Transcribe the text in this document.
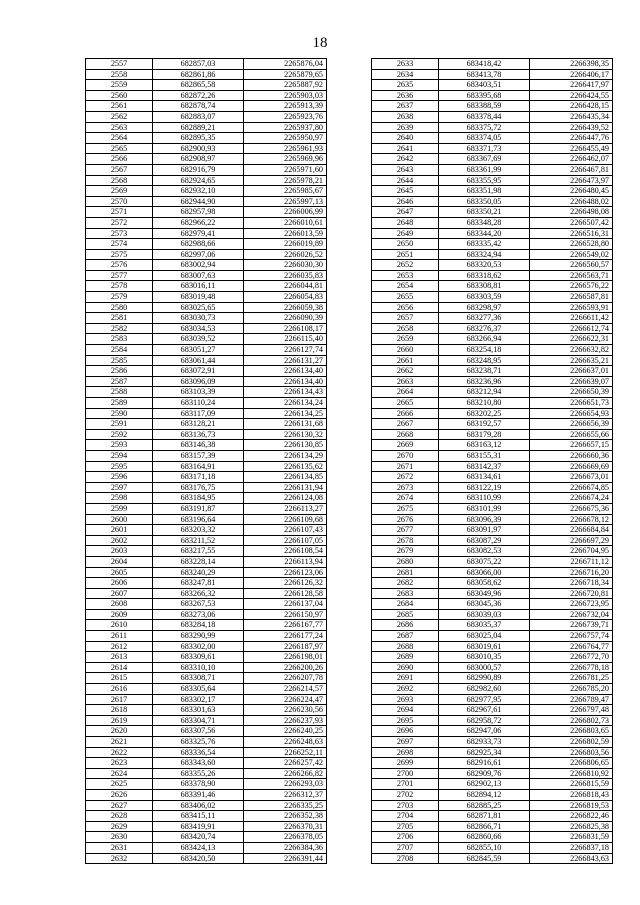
18
2557	682857,03	2265876,04
2558	682861,86	2265879,65
2559	682865,58	2265887,92
2560	682872,26	2265903,03
2561	682878,74	2265913,39
2562	682883,07	2265923,76
2563	682889,21	2265937,80
2564	682895,35	2265950,97
2565	682900,93	2265961,93
2566	682908,97	2265969,96
2567	682916,79	2265971,60
2568	682924,65	2265978,21
2569	682932,10	2265985,67
2570	682944,90	2265997,13
2571	682957,98	2266006,99
2572	682966,22	2266010,61
2573	682979,41	2266013,59
2574	682988,66	2266019,89
2575	682997,06	2266026,52
2576	683002,94	2266030,30
2577	683007,63	2266035,83
2578	683016,11	2266044,81
2579	683019,48	2266054,83
2580	683025,65	2266059,38
2581	683030,73	2266090,39
2582	683034,53	2266108,17
2583	683039,52	2266115,40
2584	683051,27	2266127,74
2585	683061,44	2266131,27
2586	683072,91	2266134,40
2587	683096,09	2266134,40
2588	683103,39	2266134,43
2589	683110,24	2266134,24
2590	683117,09	2266134,25
2591	683128,21	2266131,68
2592	683136,73	2266130,32
2593	683146,38	2266130,85
2594	683157,39	2266134,29
2595	683164,91	2266135,62
2596	683171,18	2266134,85
2597	683176,75	2266131,94
2598	683184,95	2266124,08
2599	683191,87	2266113,27
2600	683196,64	2266109,68
2601	683203,32	2266107,43
2602	683211,52	2266107,05
2603	683217,55	2266108,54
2604	683228,14	2266113,94
2605	683240,29	2266123,06
2606	683247,81	2266126,32
2607	683266,32	2266128,58
2608	683267,53	2266137,04
2609	683273,06	2266150,97
2610	683284,18	2266167,77
2611	683290,99	2266177,24
2612	683302,00	2266187,97
2613	683309,61	2266198,01
2614	683310,10	2266200,26
2615	683308,71	2266207,78
2616	683305,64	2266214,57
2617	683302,17	2266224,47
2618	683301,63	2266230,56
2619	683304,71	2266237,93
2620	683307,56	2266240,25
2621	683325,76	2266248,63
2622	683336,54	2266252,11
2623	683343,60	2266257,42
2624	683355,26	2266266,82
2625	683378,90	2266293,03
2626	683391,46	2266312,37
2627	683406,02	2266335,25
2628	683415,11	2266352,38
2629	683419,91	2266370,31
2630	683420,74	2266378,05
2631	683424,13	2266384,36
2632	683420,50	2266391,44
2633	683418,42	2266398,35
2634	683413,78	2266406,17
2635	683403,51	2266417,97
2636	683395,68	2266424,55
2637	683388,59	2266428,15
2638	683378,44	2266435,34
2639	683375,72	2266439,52
2640	683374,05	2266447,76
2641	683371,73	2266455,49
2642	683367,69	2266462,07
2643	683361,99	2266467,81
2644	683355,95	2266473,97
2645	683351,98	2266480,45
2646	683350,05	2266488,02
2647	683350,21	2266498,08
2648	683348,28	2266507,42
2649	683344,20	2266516,31
2650	683335,42	2266528,80
2651	683324,94	2266549,02
2652	683320,53	2266560,57
2653	683318,62	2266563,71
2654	683308,81	2266576,22
2655	683303,59	2266587,81
2656	683298,97	2266593,91
2657	683277,36	2266611,42
2658	683276,37	2266612,74
2659	683266,94	2266622,31
2660	683254,18	2266632,82
2661	683248,95	2266635,21
2662	683238,71	2266637,01
2663	683236,96	2266639,07
2664	683212,94	2266650,39
2665	683210,80	2266651,73
2666	683202,25	2266654,93
2667	683192,57	2266656,39
2668	683179,28	2266655,66
2669	683163,12	2266657,15
2670	683155,31	2266660,36
2671	683142,37	2266669,69
2672	683134,61	2266673,01
2673	683122,19	2266674,85
2674	683110,99	2266674,24
2675	683101,99	2266675,36
2676	683096,39	2266678,12
2677	683091,97	2266684,84
2678	683087,29	2266697,29
2679	683082,53	2266704,95
2680	683075,22	2266711,12
2681	683066,00	2266716,20
2682	683058,62	2266718,34
2683	683049,96	2266720,81
2684	683045,36	2266723,95
2685	683039,03	2266732,04
2686	683035,37	2266739,71
2687	683025,04	2266757,74
2688	683019,61	2266764,77
2689	683010,35	2266772,70
2690	683000,57	2266778,18
2691	682990,89	2266781,25
2692	682982,60	2266785,20
2693	682977,95	2266789,47
2694	682967,61	2266797,48
2695	682958,72	2266802,73
2696	682947,06	2266803,65
2697	682933,73	2266802,59
2698	682925,34	2266803,56
2699	682916,61	2266806,65
2700	682909,76	2266810,92
2701	682902,13	2266815,59
2702	682894,12	2266818,43
2703	682885,25	2266819,53
2704	682871,81	2266822,46
2705	682866,71	2266825,38
2706	682860,66	2266831,59
2707	682855,10	2266837,18
2708	682845,59	2266843,63
